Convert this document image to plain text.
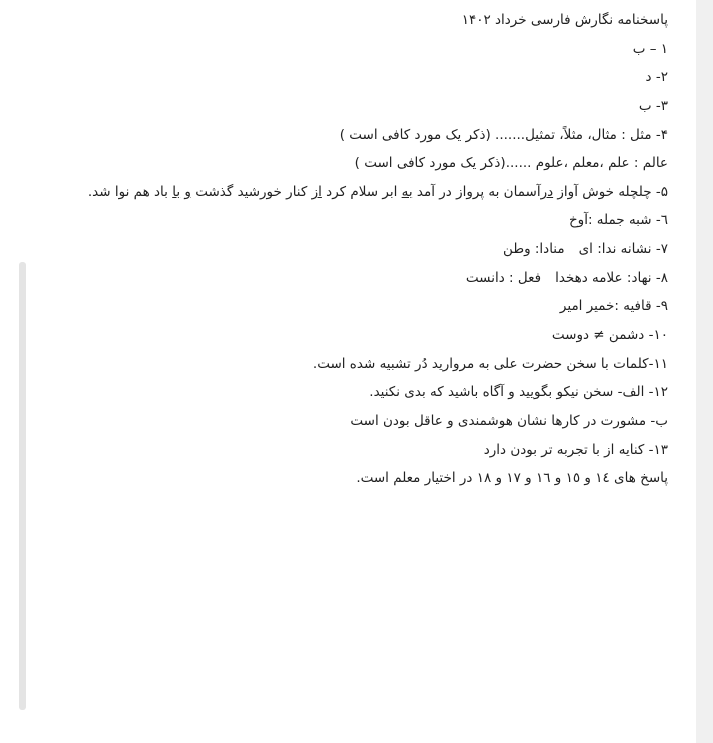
پاسخنامه نگارش فارسی خرداد ۱۴۰۲
۱ – ب
۲- د
۳- ب
۴- مثل : مثال، مثلاً، تمثیل....... (ذکر یک مورد کافی است )
عالم : علم ،معلم ،علوم ......(ذکر یک مورد کافی است )
۵- چلچله خوش آواز درآسمان به پرواز در آمد به ابر سلام کرد از کنار خورشید گذشت و با باد هم نوا شد.
٦- شبه جمله :آوخ
۷- نشانه ندا: ایمنادا: وطن
۸- نهاد: علامه دهخدافعل : دانست
۹- قافیه :خمیر امیر
۱۰- دشمن ≠ دوست
۱۱-کلمات با سخن حضرت علی به مروارید دُر تشبیه شده است.
۱۲- الف- سخن نیکو بگویید و آگاه باشید که بدی نکنید.
ب- مشورت در کارها نشان هوشمندی و عاقل بودن است
۱۳- کنایه از با تجربه تر بودن دارد
پاسخ های ١٤ و ١٥ و ١٦ و ١۷ و ١٨ در اختیار معلم است.
